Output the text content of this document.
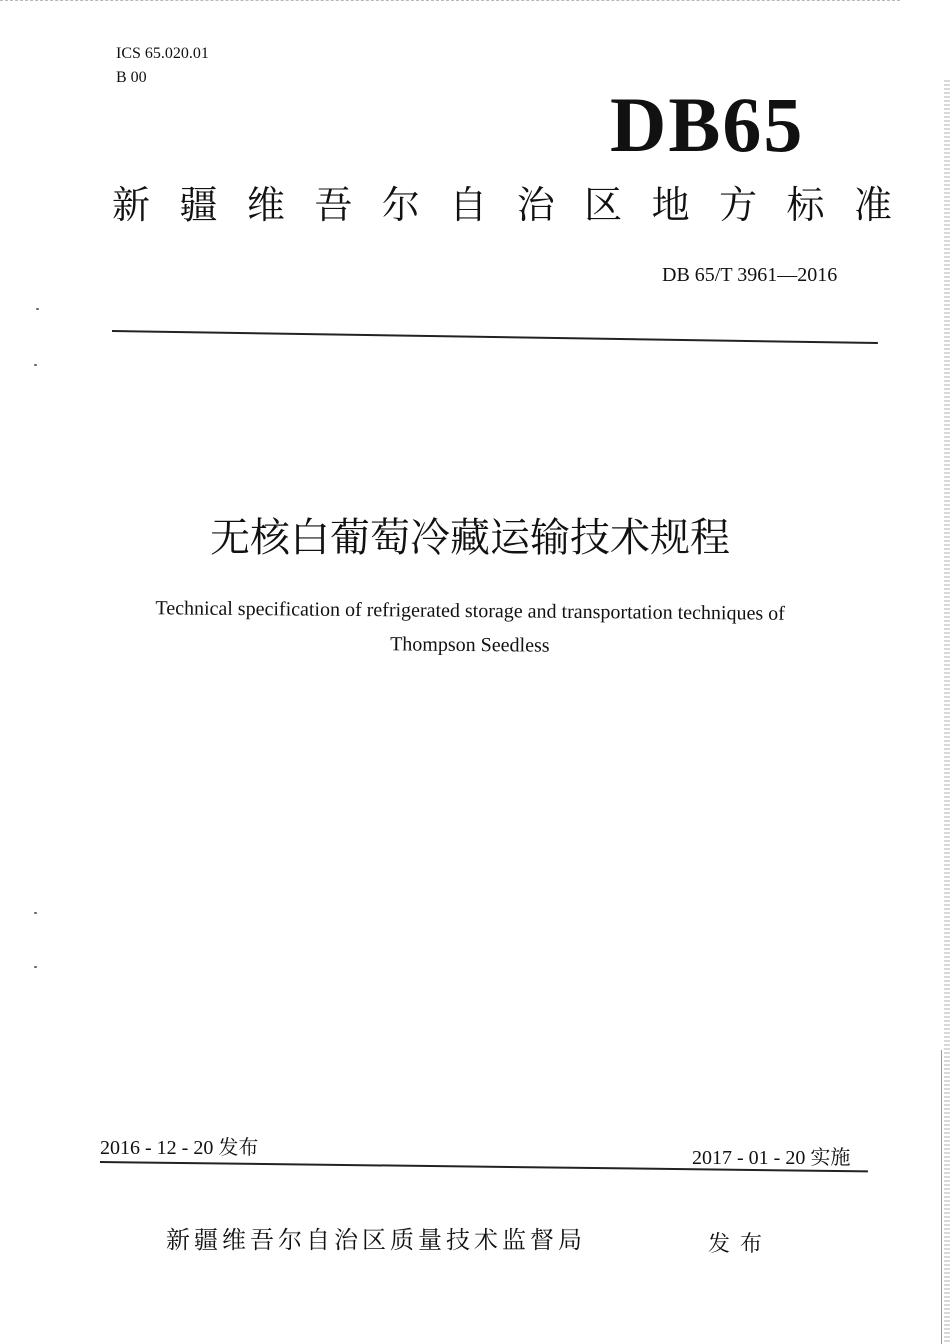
ICS 65.020.01
B 00
DB65
新 疆 维 吾 尔 自 治 区 地 方 标 准
DB 65/T 3961—2016
无核白葡萄冷藏运输技术规程
Technical specification of refrigerated storage and transportation techniques of
Thompson Seedless
2016 - 12 - 20 发布	2017 - 01 - 20 实施
新疆维吾尔自治区质量技术监督局	发布
